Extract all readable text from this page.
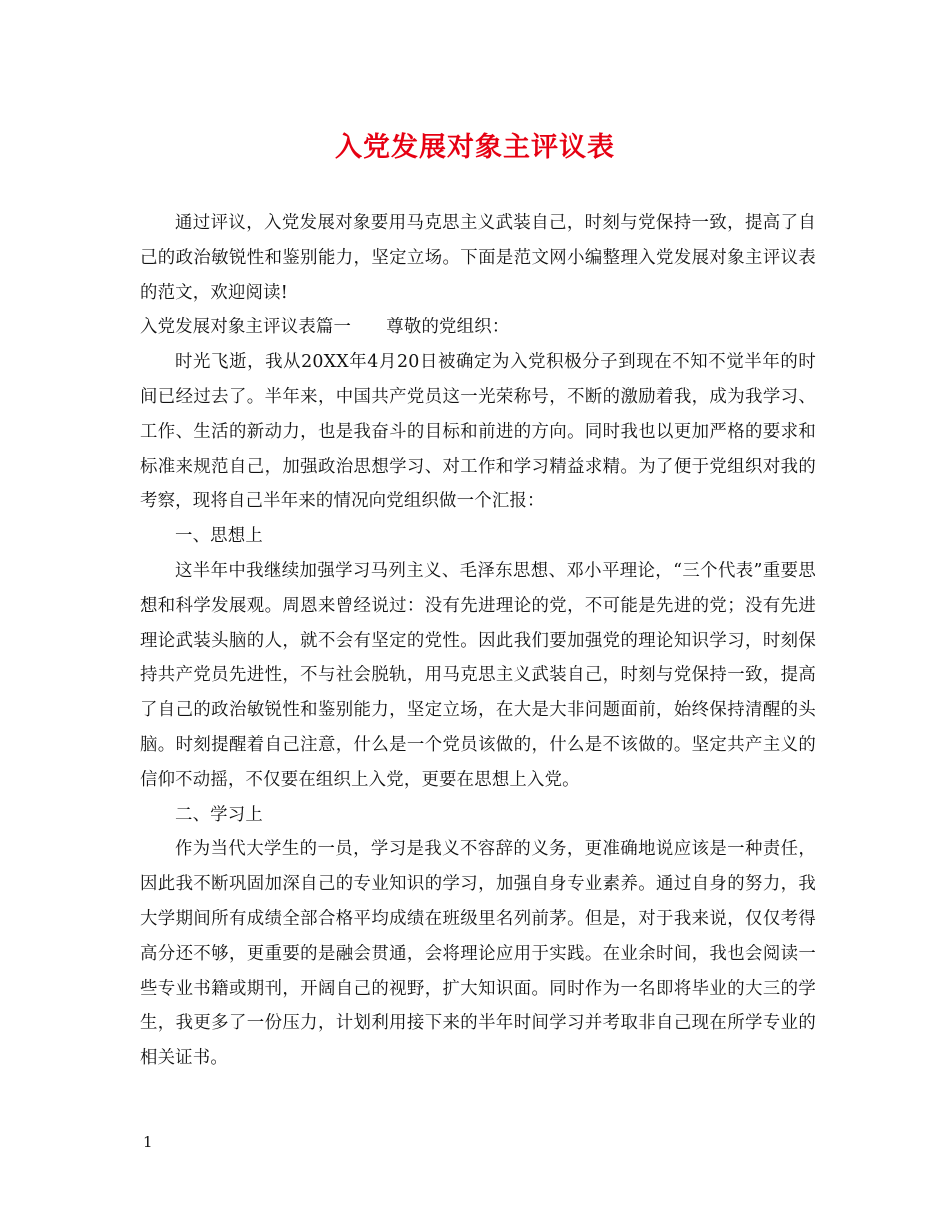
入党发展对象主评议表

通过评议，入党发展对象要用马克思主义武装自己，时刻与党保持一致，提高了自己的政治敏锐性和鉴别能力，坚定立场。下面是范文网小编整理入党发展对象主评议表的范文，欢迎阅读!

入党发展对象主评议表篇一　　尊敬的党组织：

时光飞逝，我从20XX年4月20日被确定为入党积极分子到现在不知不觉半年的时间已经过去了。半年来，中国共产党员这一光荣称号，不断的激励着我，成为我学习、工作、生活的新动力，也是我奋斗的目标和前进的方向。同时我也以更加严格的要求和标准来规范自己，加强政治思想学习、对工作和学习精益求精。为了便于党组织对我的考察，现将自己半年来的情况向党组织做一个汇报：

一、思想上

这半年中我继续加强学习马列主义、毛泽东思想、邓小平理论，“三个代表”重要思想和科学发展观。周恩来曾经说过：没有先进理论的党，不可能是先进的党；没有先进理论武装头脑的人，就不会有坚定的党性。因此我们要加强党的理论知识学习，时刻保持共产党员先进性，不与社会脱轨，用马克思主义武装自己，时刻与党保持一致，提高了自己的政治敏锐性和鉴别能力，坚定立场，在大是大非问题面前，始终保持清醒的头脑。时刻提醒着自己注意，什么是一个党员该做的，什么是不该做的。坚定共产主义的信仰不动摇，不仅要在组织上入党，更要在思想上入党。

二、学习上

作为当代大学生的一员，学习是我义不容辞的义务，更准确地说应该是一种责任，因此我不断巩固加深自己的专业知识的学习，加强自身专业素养。通过自身的努力，我大学期间所有成绩全部合格平均成绩在班级里名列前茅。但是，对于我来说，仅仅考得高分还不够，更重要的是融会贯通，会将理论应用于实践。在业余时间，我也会阅读一些专业书籍或期刊，开阔自己的视野，扩大知识面。同时作为一名即将毕业的大三的学生，我更多了一份压力，计划利用接下来的半年时间学习并考取非自己现在所学专业的相关证书。

1
